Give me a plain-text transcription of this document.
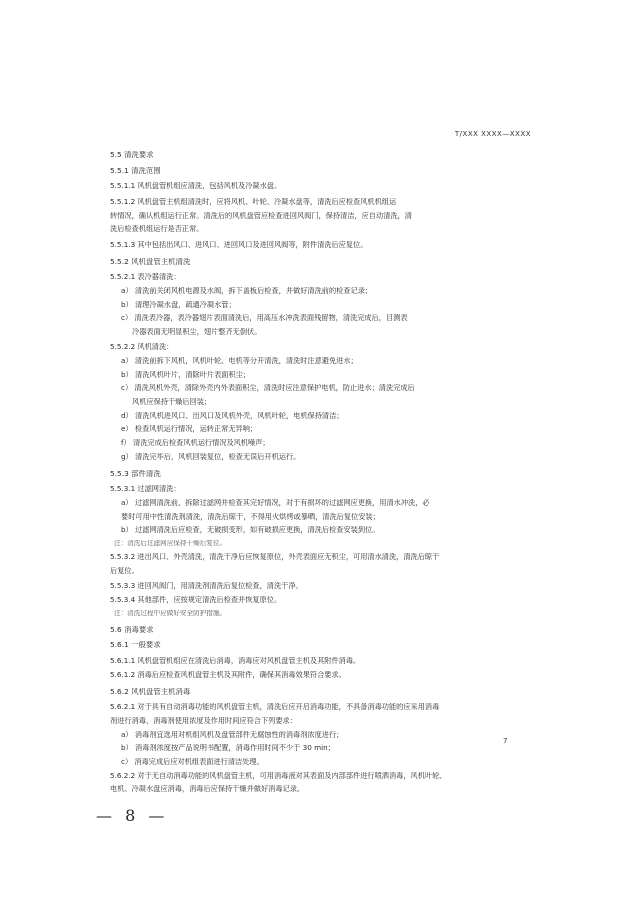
T/XXX XXXX—XXXX
5.5 清洗要求
5.5.1 清洗范围
5.5.1.1 风机盘管机组应清洗，包括风机及冷凝水盘。
5.5.1.2 风机盘管主机组清洗时，应将风机、叶轮、冷凝水盘等，清洗后应检查风机机组运
转情况，确认机组运行正常。清洗后的风机盘管应检查进回风阀门，保持清洁，应自动清洗，清
洗后检查机组运行是否正常。
5.5.1.3 其中包括出风口、进风口、进回风口及进回风阀等，附件清洗后应复位。
5.5.2 风机盘管主机清洗
5.5.2.1 表冷器清洗：
a） 清洗前关闭风机电源及水阀，拆下盖板后检查，并做好清洗前的检查记录；
b） 清理冷凝水盘，疏通冷凝水管；
c） 清洗表冷器，表冷器翅片表面清洗后，用高压水冲洗表面残留物，清洗完成后，目测表
冷器表面无明显积尘，翅片整齐无倒伏。
5.5.2.2 风机清洗：
a） 清洗前拆下风机，风机叶轮、电机等分开清洗，清洗时注意避免进水；
b） 清洗风机叶片，清除叶片表面积尘；
c） 清洗风机外壳，清除外壳内外表面积尘，清洗时应注意保护电机，防止进水；清洗完成后
风机应保持干燥后回装；
d） 清洗风机进风口、出风口及风机外壳，风机叶轮，电机保持清洁；
e） 检查风机运行情况，运转正常无异响；
f） 清洗完成后检查风机运行情况及风机噪声；
g） 清洗完毕后，风机回装复位，检查无误后开机运行。
5.5.3 部件清洗
5.5.3.1 过滤网清洗：
a） 过滤网清洗前，拆除过滤网并检查其完好情况，对于有损坏的过滤网应更换，用清水冲洗，必
要时可用中性清洗剂清洗，清洗后晾干，不得用火烘烤或暴晒，清洗后复位安装；
b） 过滤网清洗后应检查，无破损变形，如有破损应更换，清洗后检查安装到位。
注：清洗后过滤网应保持干燥后复位。
5.5.3.2 进出风口、外壳清洗，清洗干净后应恢复原位，外壳表面应无积尘，可用清水清洗，清洗后晾干
后复位。
5.5.3.3 进回风阀门，用清洗剂清洗后复位检查，清洗干净。
5.5.3.4 其他部件，应按规定清洗后检查并恢复原位。
注：清洗过程中应做好安全防护措施。
5.6 消毒要求
5.6.1 一般要求
5.6.1.1 风机盘管机组应在清洗后消毒，消毒应对风机盘管主机及其附件消毒。
5.6.1.2 消毒后应检查风机盘管主机及其附件，确保其消毒效果符合要求。
5.6.2 风机盘管主机消毒
5.6.2.1 对于具有自动消毒功能的风机盘管主机，清洗后应开启消毒功能，不具备消毒功能的应采用消毒
剂进行消毒，消毒剂使用浓度及作用时间应符合下列要求：
a） 消毒剂宜选用对机组风机及盘管部件无腐蚀性的消毒剂浓度进行；
b） 消毒剂浓度按产品说明书配置，消毒作用时间不少于 30 min；
c） 消毒完成后应对机组表面进行清洁处理。
5.6.2.2 对于无自动消毒功能的风机盘管主机，可用消毒液对其表面及内部部件进行喷洒消毒，风机叶轮、
电机、冷凝水盘应消毒，消毒后应保持干燥并做好消毒记录。
7
— 8 —
